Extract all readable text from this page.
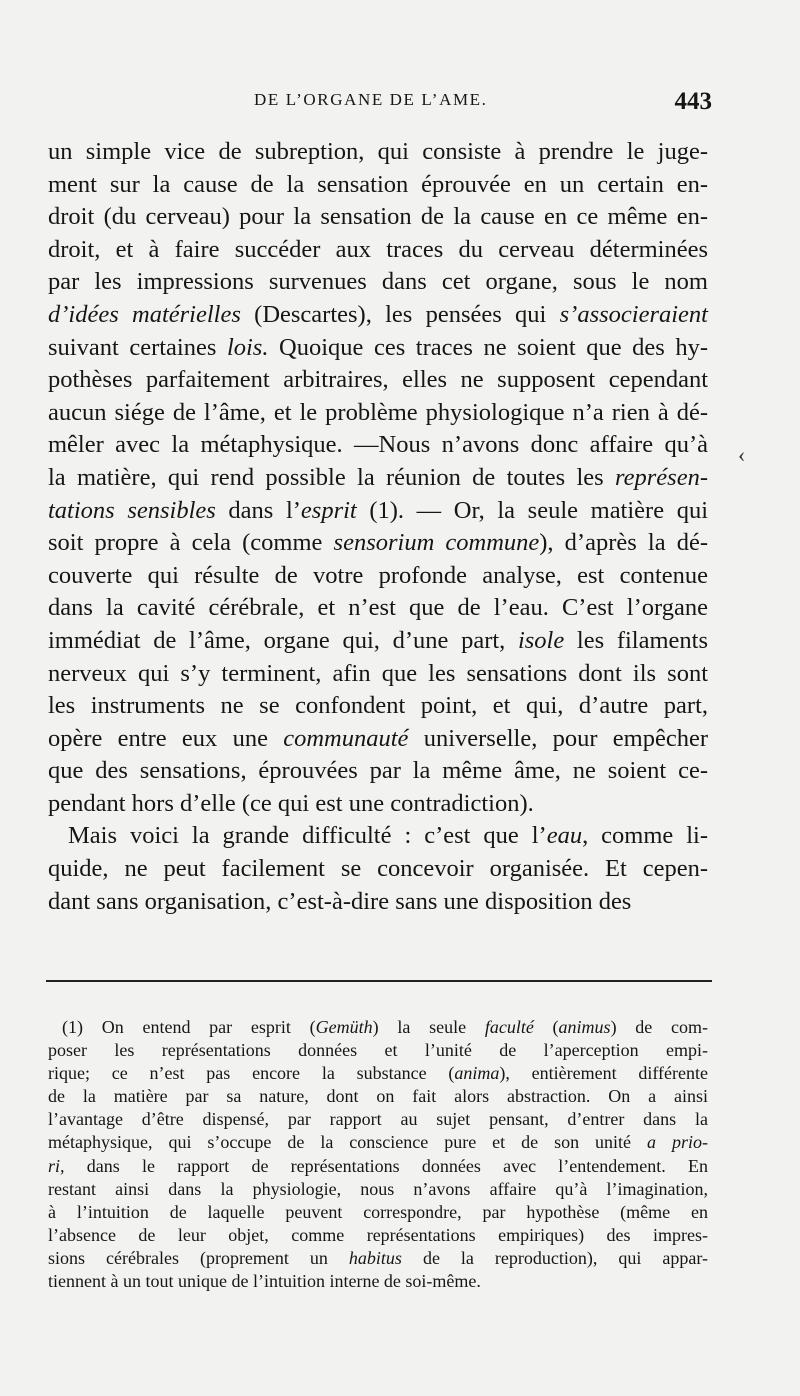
DE L’ORGANE DE L’AME.	443
un simple vice de subreption, qui consiste à prendre le juge-
ment sur la cause de la sensation éprouvée en un certain en-
droit (du cerveau) pour la sensation de la cause en ce même en-
droit, et à faire succéder aux traces du cerveau déterminées
par les impressions survenues dans cet organe, sous le nom
d’idées matérielles (Descartes), les pensées qui s’associeraient
suivant certaines lois. Quoique ces traces ne soient que des hy-
pothèses parfaitement arbitraires, elles ne supposent cependant
aucun siége de l’âme, et le problème physiologique n’a rien à dé-
mêler avec la métaphysique. —Nous n’avons donc affaire qu’à
la matière, qui rend possible la réunion de toutes les représen-
tations sensibles dans l’esprit (1). — Or, la seule matière qui
soit propre à cela (comme sensorium commune), d’après la dé-
couverte qui résulte de votre profonde analyse, est contenue
dans la cavité cérébrale, et n’est que de l’eau. C’est l’organe
immédiat de l’âme, organe qui, d’une part, isole les filaments
nerveux qui s’y terminent, afin que les sensations dont ils sont
les instruments ne se confondent point, et qui, d’autre part,
opère entre eux une communauté universelle, pour empêcher
que des sensations, éprouvées par la même âme, ne soient ce-
pendant hors d’elle (ce qui est une contradiction).
Mais voici la grande difficulté : c’est que l’eau, comme li-
quide, ne peut facilement se concevoir organisée. Et cepen-
dant sans organisation, c’est-à-dire sans une disposition des
(1) On entend par esprit (Gemüth) la seule faculté (animus) de com-
poser les représentations données et l’unité de l’aperception empi-
rique; ce n’est pas encore la substance (anima), entièrement différente
de la matière par sa nature, dont on fait alors abstraction. On a ainsi
l’avantage d’être dispensé, par rapport au sujet pensant, d’entrer dans la
métaphysique, qui s’occupe de la conscience pure et de son unité a prio-
ri, dans le rapport de représentations données avec l’entendement. En
restant ainsi dans la physiologie, nous n’avons affaire qu’à l’imagination,
à l’intuition de laquelle peuvent correspondre, par hypothèse (même en
l’absence de leur objet, comme représentations empiriques) des impres-
sions cérébrales (proprement un habitus de la reproduction), qui appar-
tiennent à un tout unique de l’intuition interne de soi-même.
‹
